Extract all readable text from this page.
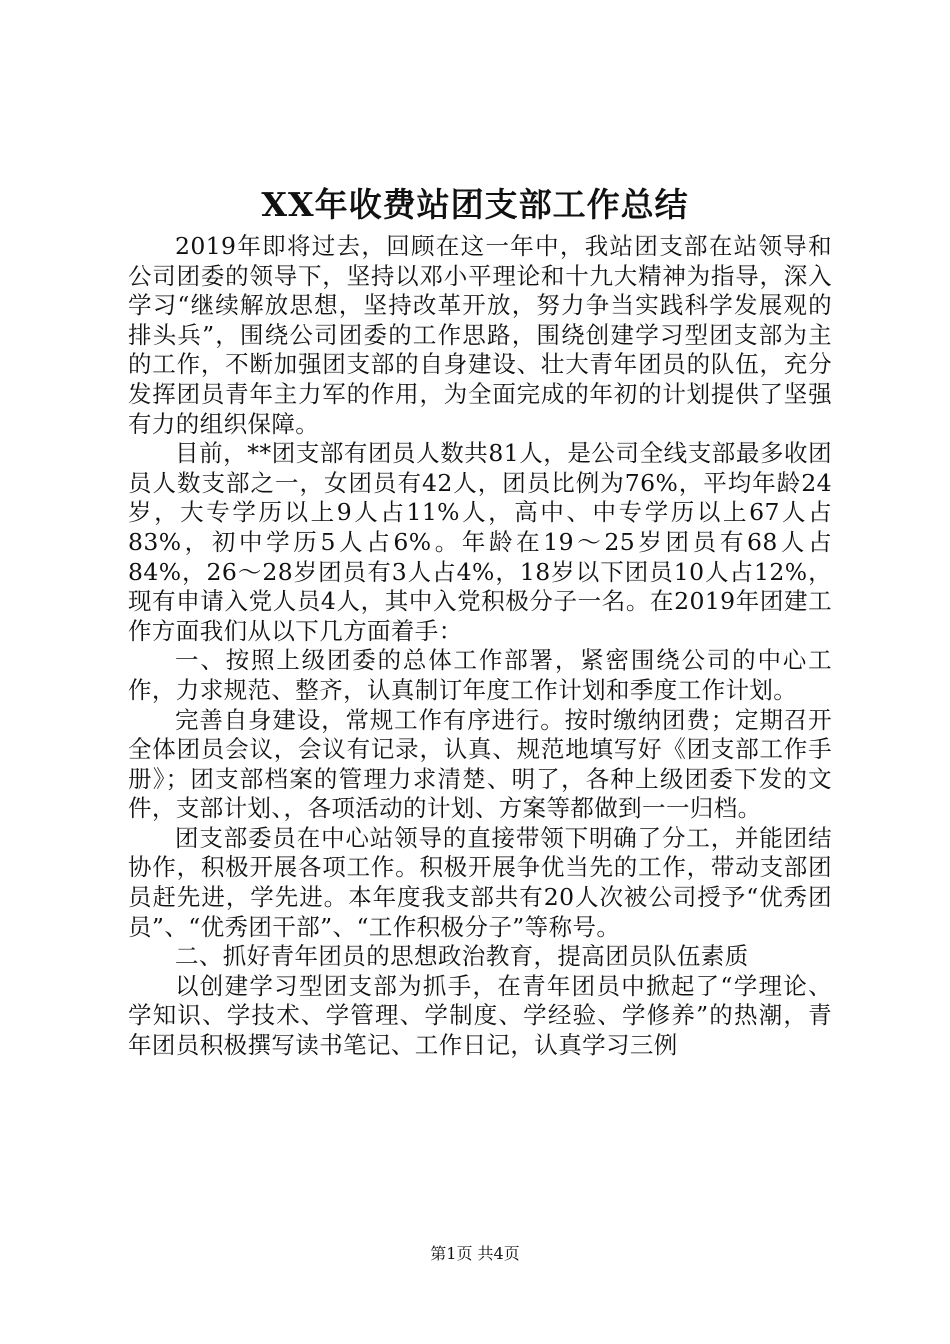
XX年收费站团支部工作总结

2019年即将过去，回顾在这一年中，我站团支部在站领导和公司团委的领导下，坚持以邓小平理论和十九大精神为指导，深入学习“继续解放思想，坚持改革开放，努力争当实践科学发展观的排头兵”，围绕公司团委的工作思路，围绕创建学习型团支部为主的工作，不断加强团支部的自身建设、壮大青年团员的队伍，充分发挥团员青年主力军的作用，为全面完成的年初的计划提供了坚强有力的组织保障。

目前，**团支部有团员人数共81人，是公司全线支部最多收团员人数支部之一，女团员有42人，团员比例为76%，平均年龄24岁，大专学历以上9人占11%人，高中、中专学历以上67人占83%，初中学历5人占6%。年龄在19～25岁团员有68人占84%，26～28岁团员有3人占4%，18岁以下团员10人占12%，现有申请入党人员4人，其中入党积极分子一名。在2019年团建工作方面我们从以下几方面着手：

一、按照上级团委的总体工作部署，紧密围绕公司的中心工作，力求规范、整齐，认真制订年度工作计划和季度工作计划。

完善自身建设，常规工作有序进行。按时缴纳团费；定期召开全体团员会议，会议有记录，认真、规范地填写好《团支部工作手册》；团支部档案的管理力求清楚、明了，各种上级团委下发的文件，支部计划、，各项活动的计划、方案等都做到一一归档。

团支部委员在中心站领导的直接带领下明确了分工，并能团结协作，积极开展各项工作。积极开展争优当先的工作，带动支部团员赶先进，学先进。本年度我支部共有20人次被公司授予“优秀团员”、“优秀团干部”、“工作积极分子”等称号。

二、抓好青年团员的思想政治教育，提高团员队伍素质

以创建学习型团支部为抓手，在青年团员中掀起了“学理论、学知识、学技术、学管理、学制度、学经验、学修养”的热潮，青年团员积极撰写读书笔记、工作日记，认真学习三例

第1页 共4页
